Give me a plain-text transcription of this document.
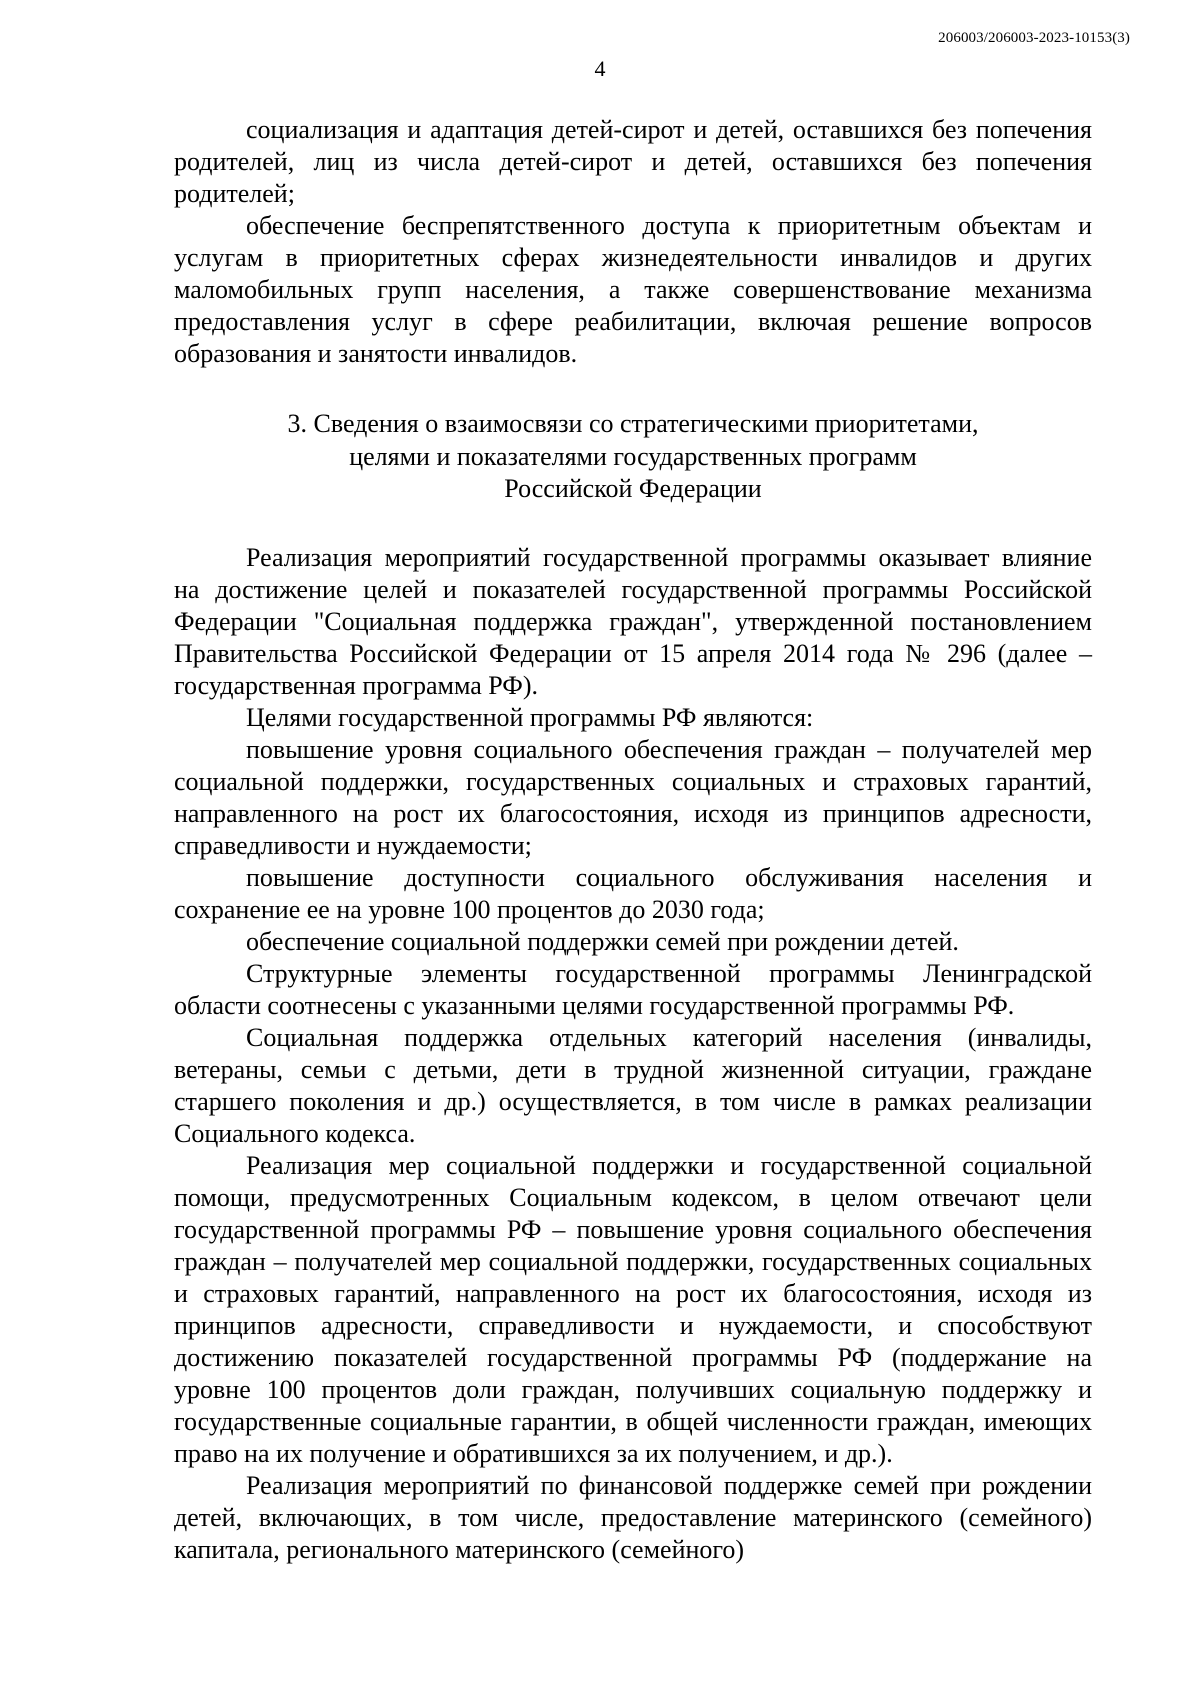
206003/206003-2023-10153(3)
4

социализация и адаптация детей-сирот и детей, оставшихся без попечения родителей, лиц из числа детей-сирот и детей, оставшихся без попечения родителей;

обеспечение беспрепятственного доступа к приоритетным объектам и услугам в приоритетных сферах жизнедеятельности инвалидов и других маломобильных групп населения, а также совершенствование механизма предоставления услуг в сфере реабилитации, включая решение вопросов образования и занятости инвалидов.

3. Сведения о взаимосвязи со стратегическими приоритетами,
целями и показателями государственных программ
Российской Федерации

Реализация мероприятий государственной программы оказывает влияние на достижение целей и показателей государственной программы Российской Федерации "Социальная поддержка граждан", утвержденной постановлением Правительства Российской Федерации от 15 апреля 2014 года № 296 (далее – государственная программа РФ).

Целями государственной программы РФ являются:

повышение уровня социального обеспечения граждан – получателей мер социальной поддержки, государственных социальных и страховых гарантий, направленного на рост их благосостояния, исходя из принципов адресности, справедливости и нуждаемости;

повышение доступности социального обслуживания населения и сохранение ее на уровне 100 процентов до 2030 года;

обеспечение социальной поддержки семей при рождении детей.

Структурные элементы государственной программы Ленинградской области соотнесены с указанными целями государственной программы РФ.

Социальная поддержка отдельных категорий населения (инвалиды, ветераны, семьи с детьми, дети в трудной жизненной ситуации, граждане старшего поколения и др.) осуществляется, в том числе в рамках реализации Социального кодекса.

Реализация мер социальной поддержки и государственной социальной помощи, предусмотренных Социальным кодексом, в целом отвечают цели государственной программы РФ – повышение уровня социального обеспечения граждан – получателей мер социальной поддержки, государственных социальных и страховых гарантий, направленного на рост их благосостояния, исходя из принципов адресности, справедливости и нуждаемости, и способствуют достижению показателей государственной программы РФ (поддержание на уровне 100 процентов доли граждан, получивших социальную поддержку и государственные социальные гарантии, в общей численности граждан, имеющих право на их получение и обратившихся за их получением, и др.).

Реализация мероприятий по финансовой поддержке семей при рождении детей, включающих, в том числе, предоставление материнского (семейного) капитала, регионального материнского (семейного)
